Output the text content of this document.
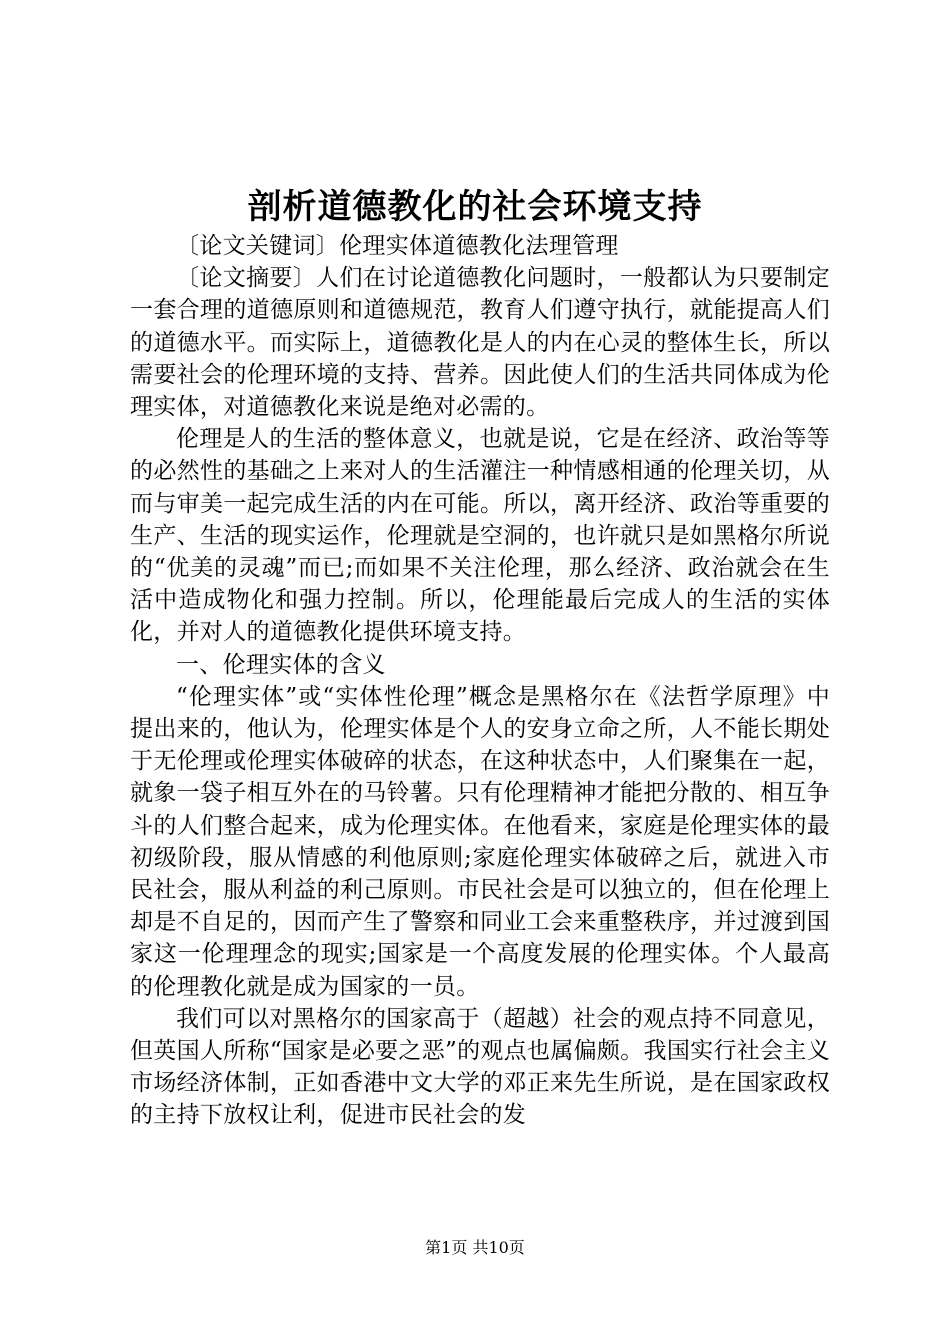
剖析道德教化的社会环境支持

〔论文关键词〕伦理实体道德教化法理管理

〔论文摘要〕人们在讨论道德教化问题时，一般都认为只要制定一套合理的道德原则和道德规范，教育人们遵守执行，就能提高人们的道德水平。而实际上，道德教化是人的内在心灵的整体生长，所以需要社会的伦理环境的支持、营养。因此使人们的生活共同体成为伦理实体，对道德教化来说是绝对必需的。

伦理是人的生活的整体意义，也就是说，它是在经济、政治等等的必然性的基础之上来对人的生活灌注一种情感相通的伦理关切，从而与审美一起完成生活的内在可能。所以，离开经济、政治等重要的生产、生活的现实运作，伦理就是空洞的，也许就只是如黑格尔所说的“优美的灵魂”而已;而如果不关注伦理，那么经济、政治就会在生活中造成物化和强力控制。所以，伦理能最后完成人的生活的实体化，并对人的道德教化提供环境支持。

一、伦理实体的含义

“伦理实体”或“实体性伦理”概念是黑格尔在《法哲学原理》中提出来的，他认为，伦理实体是个人的安身立命之所，人不能长期处于无伦理或伦理实体破碎的状态，在这种状态中，人们聚集在一起，就象一袋子相互外在的马铃薯。只有伦理精神才能把分散的、相互争斗的人们整合起来，成为伦理实体。在他看来，家庭是伦理实体的最初级阶段，服从情感的利他原则;家庭伦理实体破碎之后，就进入市民社会，服从利益的利己原则。市民社会是可以独立的，但在伦理上却是不自足的，因而产生了警察和同业工会来重整秩序，并过渡到国家这一伦理理念的现实;国家是一个高度发展的伦理实体。个人最高的伦理教化就是成为国家的一员。

我们可以对黑格尔的国家高于（超越）社会的观点持不同意见，但英国人所称“国家是必要之恶”的观点也属偏颇。我国实行社会主义市场经济体制，正如香港中文大学的邓正来先生所说，是在国家政权的主持下放权让利，促进市民社会的发

第1页 共10页
